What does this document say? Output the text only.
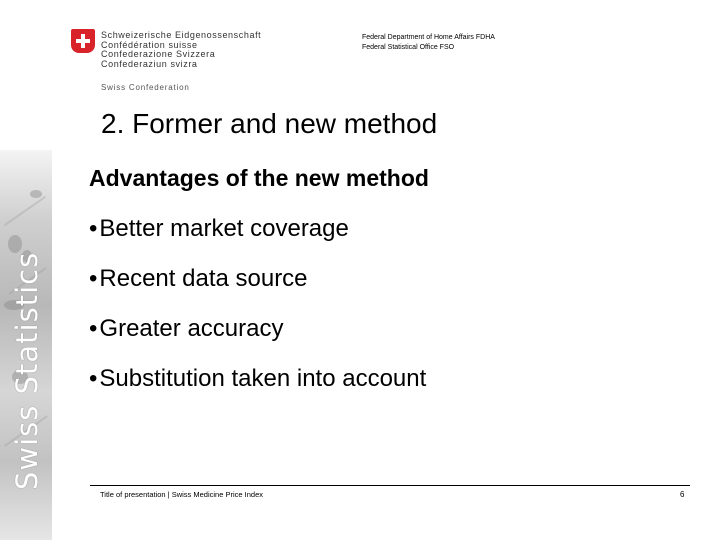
Swiss Statistics
Schweizerische Eidgenossenschaft
Confédération suisse
Confederazione Svizzera
Confederaziun svizra
Swiss Confederation
Federal Department of Home Affairs FDHA
Federal Statistical Office FSO
2. Former and new method
Advantages of the new method
•Better market coverage
•Recent data source
•Greater accuracy
•Substitution taken into account
Title of presentation | Swiss Medicine Price Index	6
